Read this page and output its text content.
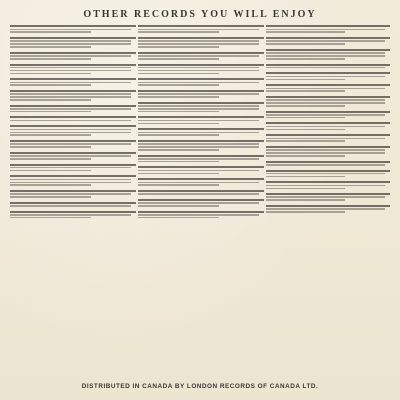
OTHER RECORDS YOU WILL ENJOY
DISTRIBUTED IN CANADA BY LONDON RECORDS OF CANADA LTD.
